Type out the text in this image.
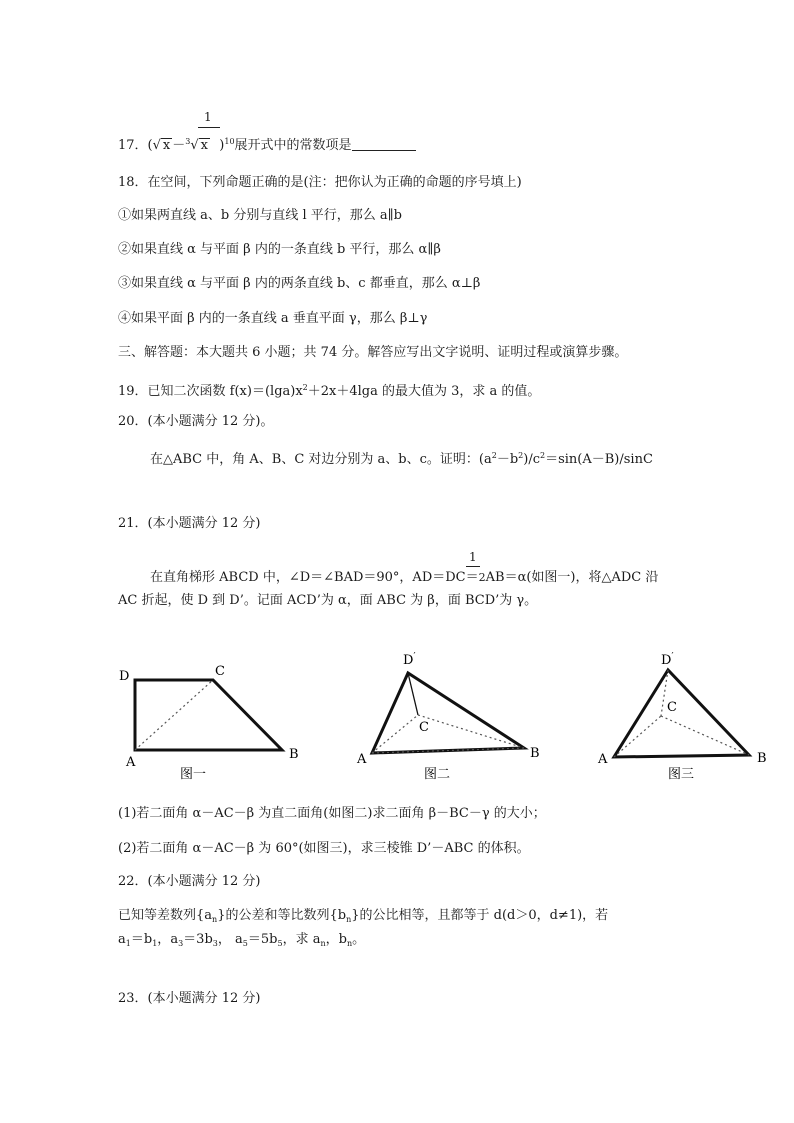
1
17．(√ x －$^3$√ x )$^{10}$展开式中的常数项是
18．在空间，下列命题正确的是(注：把你认为正确的命题的序号填上)
①如果两直线 a、b 分别与直线 l 平行，那么 a∥b
②如果直线 α 与平面 β 内的一条直线 b 平行，那么 α∥β
③如果直线 α 与平面 β 内的两条直线 b、c 都垂直，那么 α⊥β
④如果平面 β 内的一条直线 a 垂直平面 γ，那么 β⊥γ
三、解答题：本大题共 6 小题；共 74 分。解答应写出文字说明、证明过程或演算步骤。
19．已知二次函数 $f(x)=(\lg a)x^2+2x+4\lg a$ 的最大值为 3，求 a 的值。
20．(本小题满分 12 分)。
在△ABC 中，角 A、B、C 对边分别为 a、b、c。证明：$(a^2-b^2)/c^2=\sin(A-B)$/sinC
21．(本小题满分 12 分)
1
在直角梯形 ABCD 中，∠D＝∠BAD＝90°，AD＝DC＝2AB＝α(如图一)，将△ADC 沿
AC 折起，使 D 到 D’。记面 ACD’为 α，面 ABC 为 β，面 BCD’为 γ。
D	C
A
B
图一
D′
C
A	B
图二
D′
C
A	B
图三
(1)若二面角 α－AC－β 为直二面角(如图二)求二面角 β－BC－γ 的大小；
(2)若二面角 α－AC－β 为 60°(如图三)，求三棱锥 D’－ABC 的体积。
22．(本小题满分 12 分)
已知等差数列$\{a_n\}$的公差和等比数列$\{b_n\}$的公比相等，且都等于 d(d＞0，d≠1)，若
$a_1=b_1$，$a_3=3b_3$， $a_5=5b_5$，求 $a_n$，$b_n$。
23．(本小题满分 12 分)
